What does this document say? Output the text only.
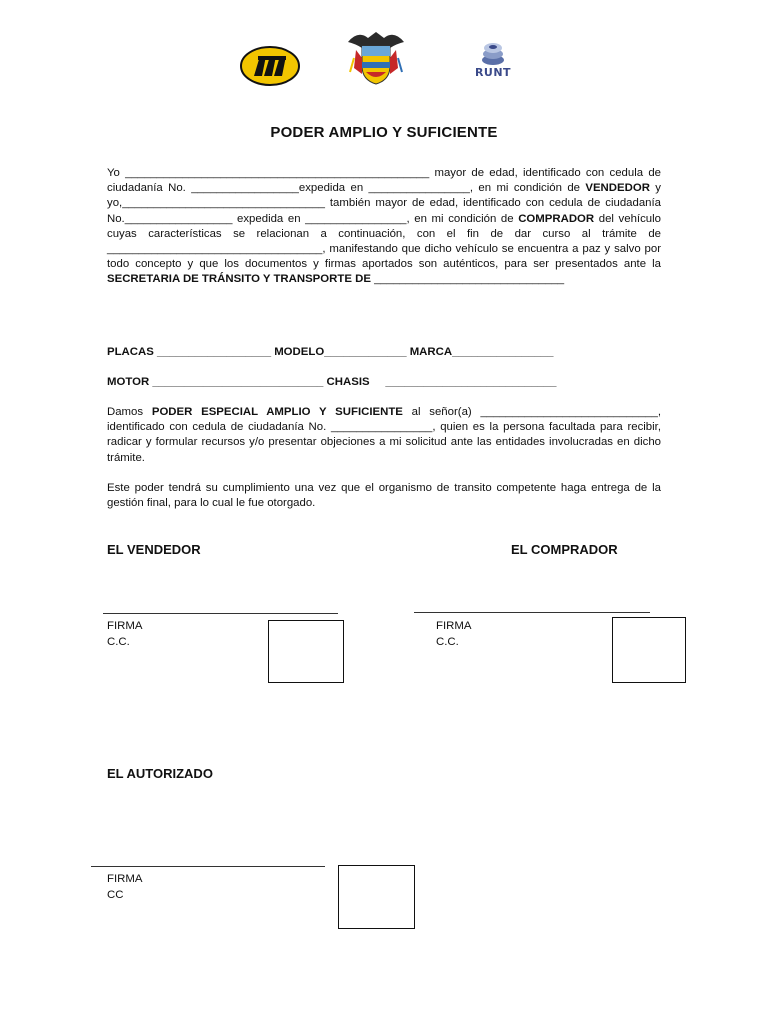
RUNT
PODER AMPLIO Y SUFICIENTE
Yo ________________________________________________ mayor de edad, identificado con cedula de ciudadanía No. _________________expedida en ________________, en mi condición de VENDEDOR y yo,________________________________ también mayor de edad, identificado con cedula de ciudadanía No._________________ expedida en ________________, en mi condición de COMPRADOR del vehículo cuyas características se relacionan a continuación, con el fin de dar curso al trámite de __________________________________, manifestando que dicho vehículo se encuentra a paz y salvo por todo concepto y que los documentos y firmas aportados son auténticos, para ser presentados ante la SECRETARIA DE TRÁNSITO Y TRANSPORTE DE ______________________________
PLACAS __________________ MODELO_____________ MARCA________________
MOTOR ___________________________ CHASIS     ___________________________
Damos PODER ESPECIAL AMPLIO Y SUFICIENTE al señor(a) ____________________________, identificado con cedula de ciudadanía No. ________________, quien es la persona facultada para recibir, radicar y formular recursos y/o presentar objeciones a mi solicitud ante las entidades involucradas en dicho trámite.
Este poder tendrá su cumplimiento una vez que el organismo de transito competente haga entrega de la gestión final, para lo cual le fue otorgado.
EL VENDEDOR	EL COMPRADOR
EL AUTORIZADO
FIRMA
C.C.
FIRMA
C.C.
FIRMA
CC
